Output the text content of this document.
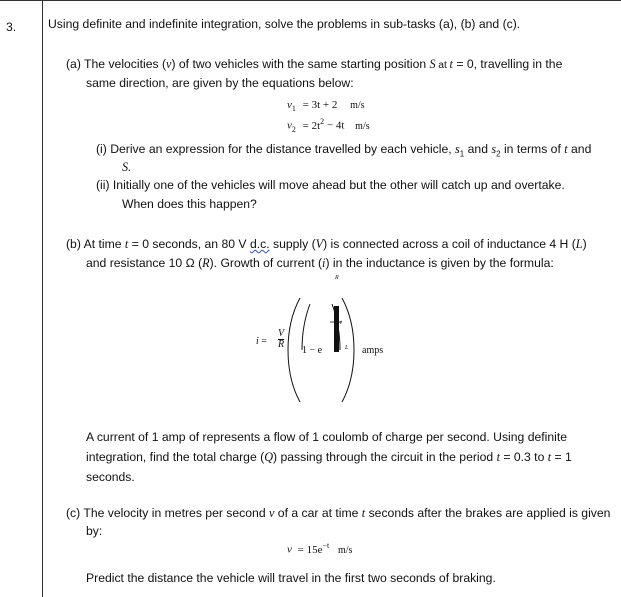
3.	Using definite and indefinite integration, solve the problems in sub-tasks (a), (b) and (c).
(a) The velocities (v) of two vehicles with the same starting position S at t = 0, travelling in the
same direction, are given by the equations below:
$v_1 = 3t + 2$ m/s
$v_2 = 2t^2 - 4t$ m/s
(i) Derive an expression for the distance travelled by each vehicle, $s_1$ and $s_2$ in terms of t and
S.
(ii) Initially one of the vehicles will move ahead but the other will catch up and overtake.
When does this happen?
(b) At time t = 0 seconds, an 80 V d.c. supply (V) is connected across a coil of inductance 4 H (L)
and resistance 10 Ω (R). Growth of current (i) in the inductance is given by the formula:
$i = \frac{V}{R}$
1 − e
R
t
L amps
A current of 1 amp of represents a flow of 1 coulomb of charge per second. Using definite
integration, find the total charge (Q) passing through the circuit in the period t = 0.3 to t = 1
seconds.
(c) The velocity in metres per second v of a car at time t seconds after the brakes are applied is given
by:
$v = 15e^{-t}$ m/s
Predict the distance the vehicle will travel in the first two seconds of braking.
